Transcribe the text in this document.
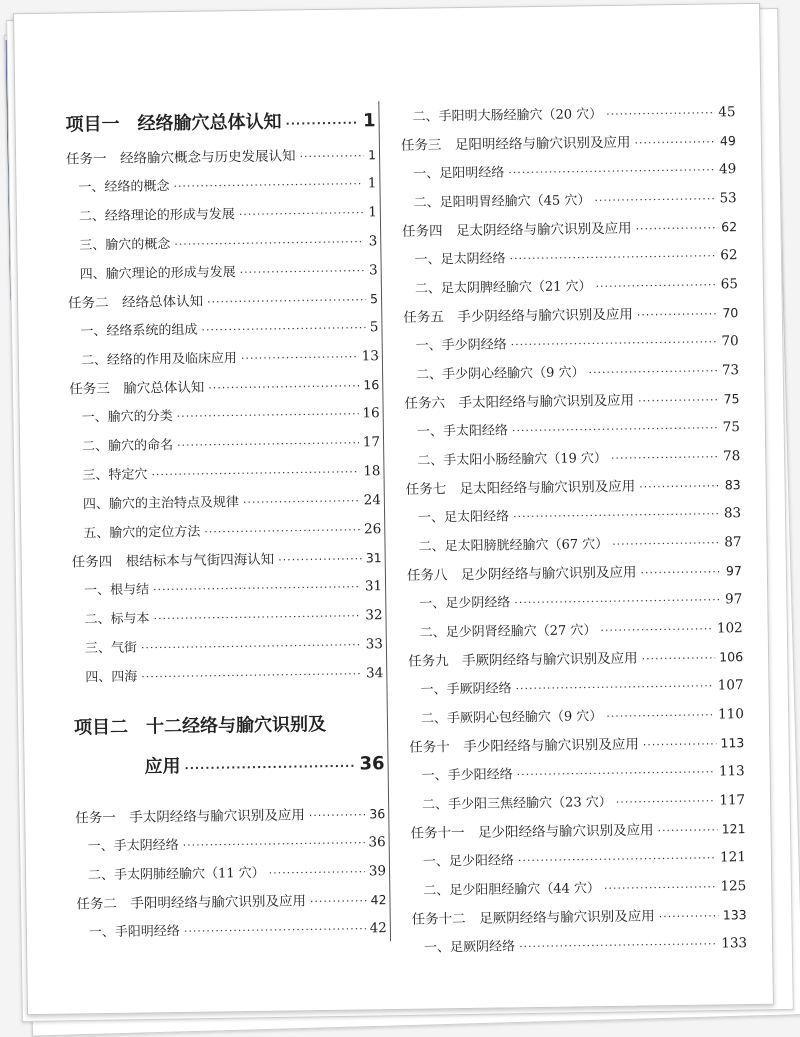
项目一　经络腧穴总体认知 ·····	1
任务一　经络腧穴概念与历史发展认知 ·····	1
一、经络的概念 ·····	1
二、经络理论的形成与发展 ·····	1
三、腧穴的概念 ·····	3
四、腧穴理论的形成与发展 ·····	3
任务二　经络总体认知 ·····	5
一、经络系统的组成 ·····	5
二、经络的作用及临床应用 ·····	13
任务三　腧穴总体认知 ·····	16
一、腧穴的分类 ·····	16
二、腧穴的命名 ·····	17
三、特定穴 ·····	18
四、腧穴的主治特点及规律 ·····	24
五、腧穴的定位方法 ·····	26
任务四　根结标本与气街四海认知 ·····	31
一、根与结 ·····	31
二、标与本 ·····	32
三、气街 ·····	33
四、四海 ·····	34
项目二　十二经络与腧穴识别及
应用 ·····	36
任务一　手太阴经络与腧穴识别及应用 ·····	36
一、手太阴经络 ·····	36
二、手太阴肺经腧穴（11 穴） ·····	39
任务二　手阳明经络与腧穴识别及应用 ·····	42
一、手阳明经络 ·····	42
二、手阳明大肠经腧穴（20 穴） ·····	45
任务三　足阳明经络与腧穴识别及应用 ·····	49
一、足阳明经络 ·····	49
二、足阳明胃经腧穴（45 穴） ·····	53
任务四　足太阴经络与腧穴识别及应用 ·····	62
一、足太阴经络 ·····	62
二、足太阴脾经腧穴（21 穴） ·····	65
任务五　手少阴经络与腧穴识别及应用 ·····	70
一、手少阴经络 ·····	70
二、手少阴心经腧穴（9 穴） ·····	73
任务六　手太阳经络与腧穴识别及应用 ·····	75
一、手太阳经络 ·····	75
二、手太阳小肠经腧穴（19 穴） ·····	78
任务七　足太阳经络与腧穴识别及应用 ·····	83
一、足太阳经络 ·····	83
二、足太阳膀胱经腧穴（67 穴） ·····	87
任务八　足少阴经络与腧穴识别及应用 ·····	97
一、足少阴经络 ·····	97
二、足少阴肾经腧穴（27 穴） ·····	102
任务九　手厥阴经络与腧穴识别及应用 ·····	106
一、手厥阴经络 ·····	107
二、手厥阴心包经腧穴（9 穴） ·····	110
任务十　手少阳经络与腧穴识别及应用 ·····	113
一、手少阳经络 ·····	113
二、手少阳三焦经腧穴（23 穴） ·····	117
任务十一　足少阳经络与腧穴识别及应用 ·····	121
一、足少阳经络 ·····	121
二、足少阳胆经腧穴（44 穴） ·····	125
任务十二　足厥阴经络与腧穴识别及应用 ·····	133
一、足厥阴经络 ·····	133
